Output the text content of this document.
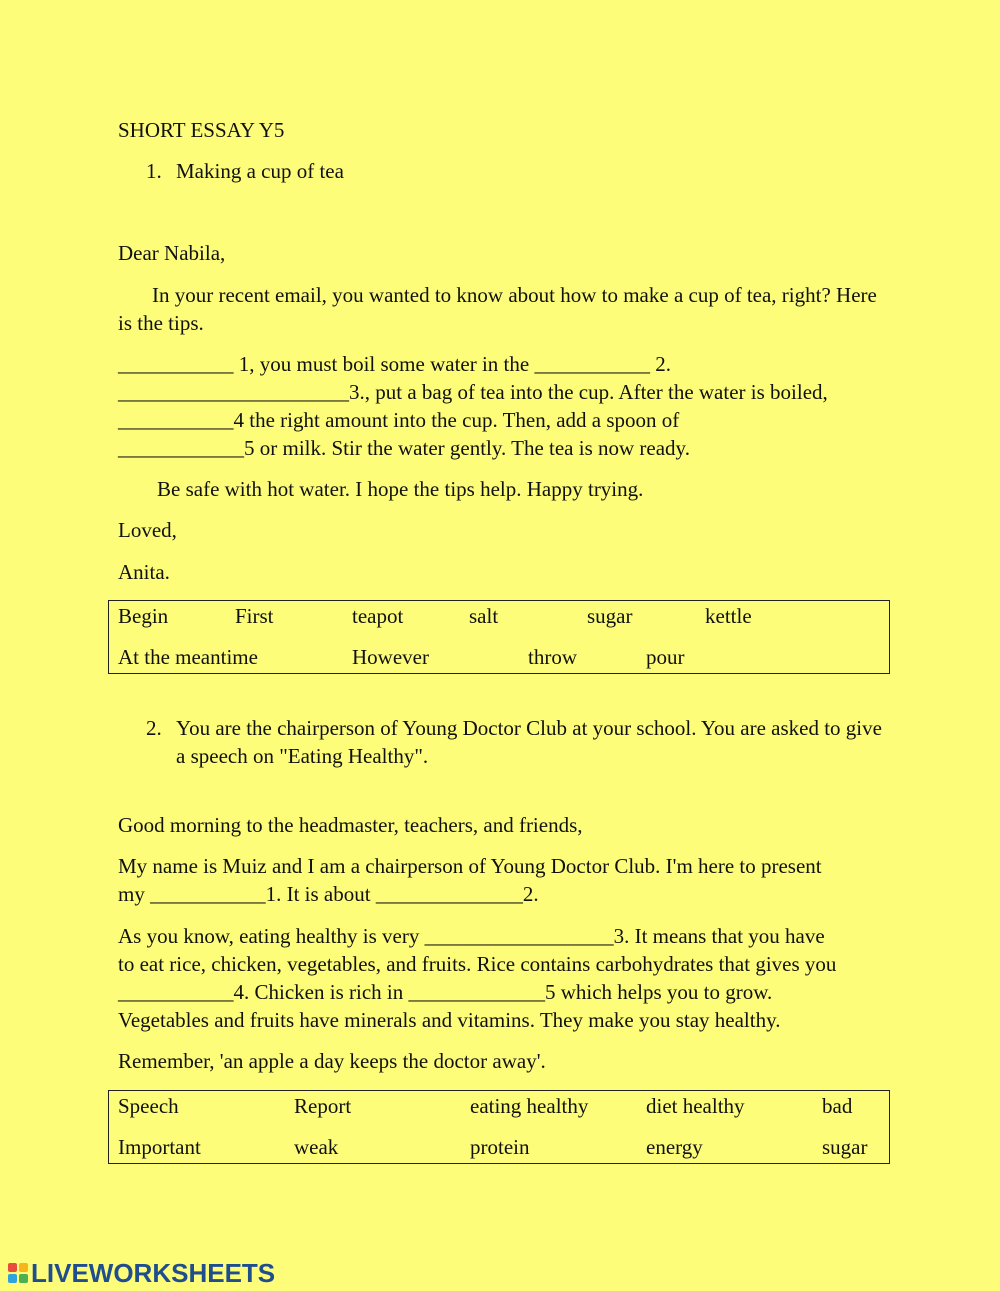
SHORT ESSAY Y5

1. Making a cup of tea

Dear Nabila,

In your recent email, you wanted to know about how to make a cup of tea, right? Here is the tips.

___________ 1, you must boil some water in the ___________ 2.

______________________3., put a bag of tea into the cup. After the water is boiled,

___________4 the right amount into the cup. Then, add a spoon of

____________5 or milk. Stir the water gently. The tea is now ready.

Be safe with hot water. I hope the tips help. Happy trying.

Loved,

Anita.

Begin	First	teapot	salt	sugar	kettle
At the meantime	However	throw	pour
2. You are the chairperson of Young Doctor Club at your school. You are asked to give a speech on "Eating Healthy".

Good morning to the headmaster, teachers, and friends,

My name is Muiz and I am a chairperson of Young Doctor Club. I'm here to present my ___________1. It is about ______________2.

As you know, eating healthy is very __________________3. It means that you have

to eat rice, chicken, vegetables, and fruits. Rice contains carbohydrates that gives you

___________4. Chicken is rich in _____________5 which helps you to grow.

Vegetables and fruits have minerals and vitamins. They make you stay healthy.

Remember, 'an apple a day keeps the doctor away'.

Speech	Report	eating healthy	diet healthy	bad
Important	weak	protein	energy	sugar
LIVEWORKSHEETS
